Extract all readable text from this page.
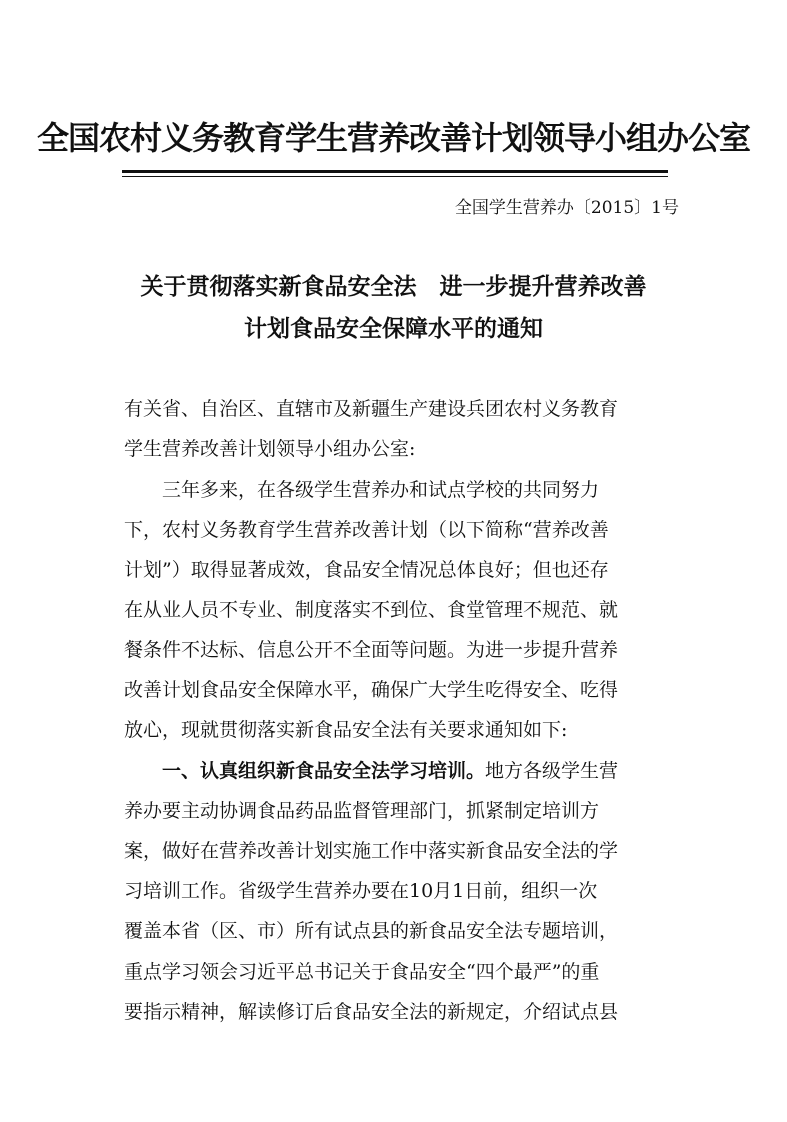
全国农村义务教育学生营养改善计划领导小组办公室
全国学生营养办〔2015〕1号
关于贯彻落实新食品安全法　进一步提升营养改善
计划食品安全保障水平的通知
有关省、自治区、直辖市及新疆生产建设兵团农村义务教育
学生营养改善计划领导小组办公室:
　　三年多来，在各级学生营养办和试点学校的共同努力
下，农村义务教育学生营养改善计划（以下简称“营养改善
计划”）取得显著成效，食品安全情况总体良好；但也还存
在从业人员不专业、制度落实不到位、食堂管理不规范、就
餐条件不达标、信息公开不全面等问题。为进一步提升营养
改善计划食品安全保障水平，确保广大学生吃得安全、吃得
放心，现就贯彻落实新食品安全法有关要求通知如下:
　　一、认真组织新食品安全法学习培训。地方各级学生营
养办要主动协调食品药品监督管理部门，抓紧制定培训方
案，做好在营养改善计划实施工作中落实新食品安全法的学
习培训工作。省级学生营养办要在10月1日前，组织一次
覆盖本省（区、市）所有试点县的新食品安全法专题培训，
重点学习领会习近平总书记关于食品安全“四个最严”的重
要指示精神，解读修订后食品安全法的新规定，介绍试点县
